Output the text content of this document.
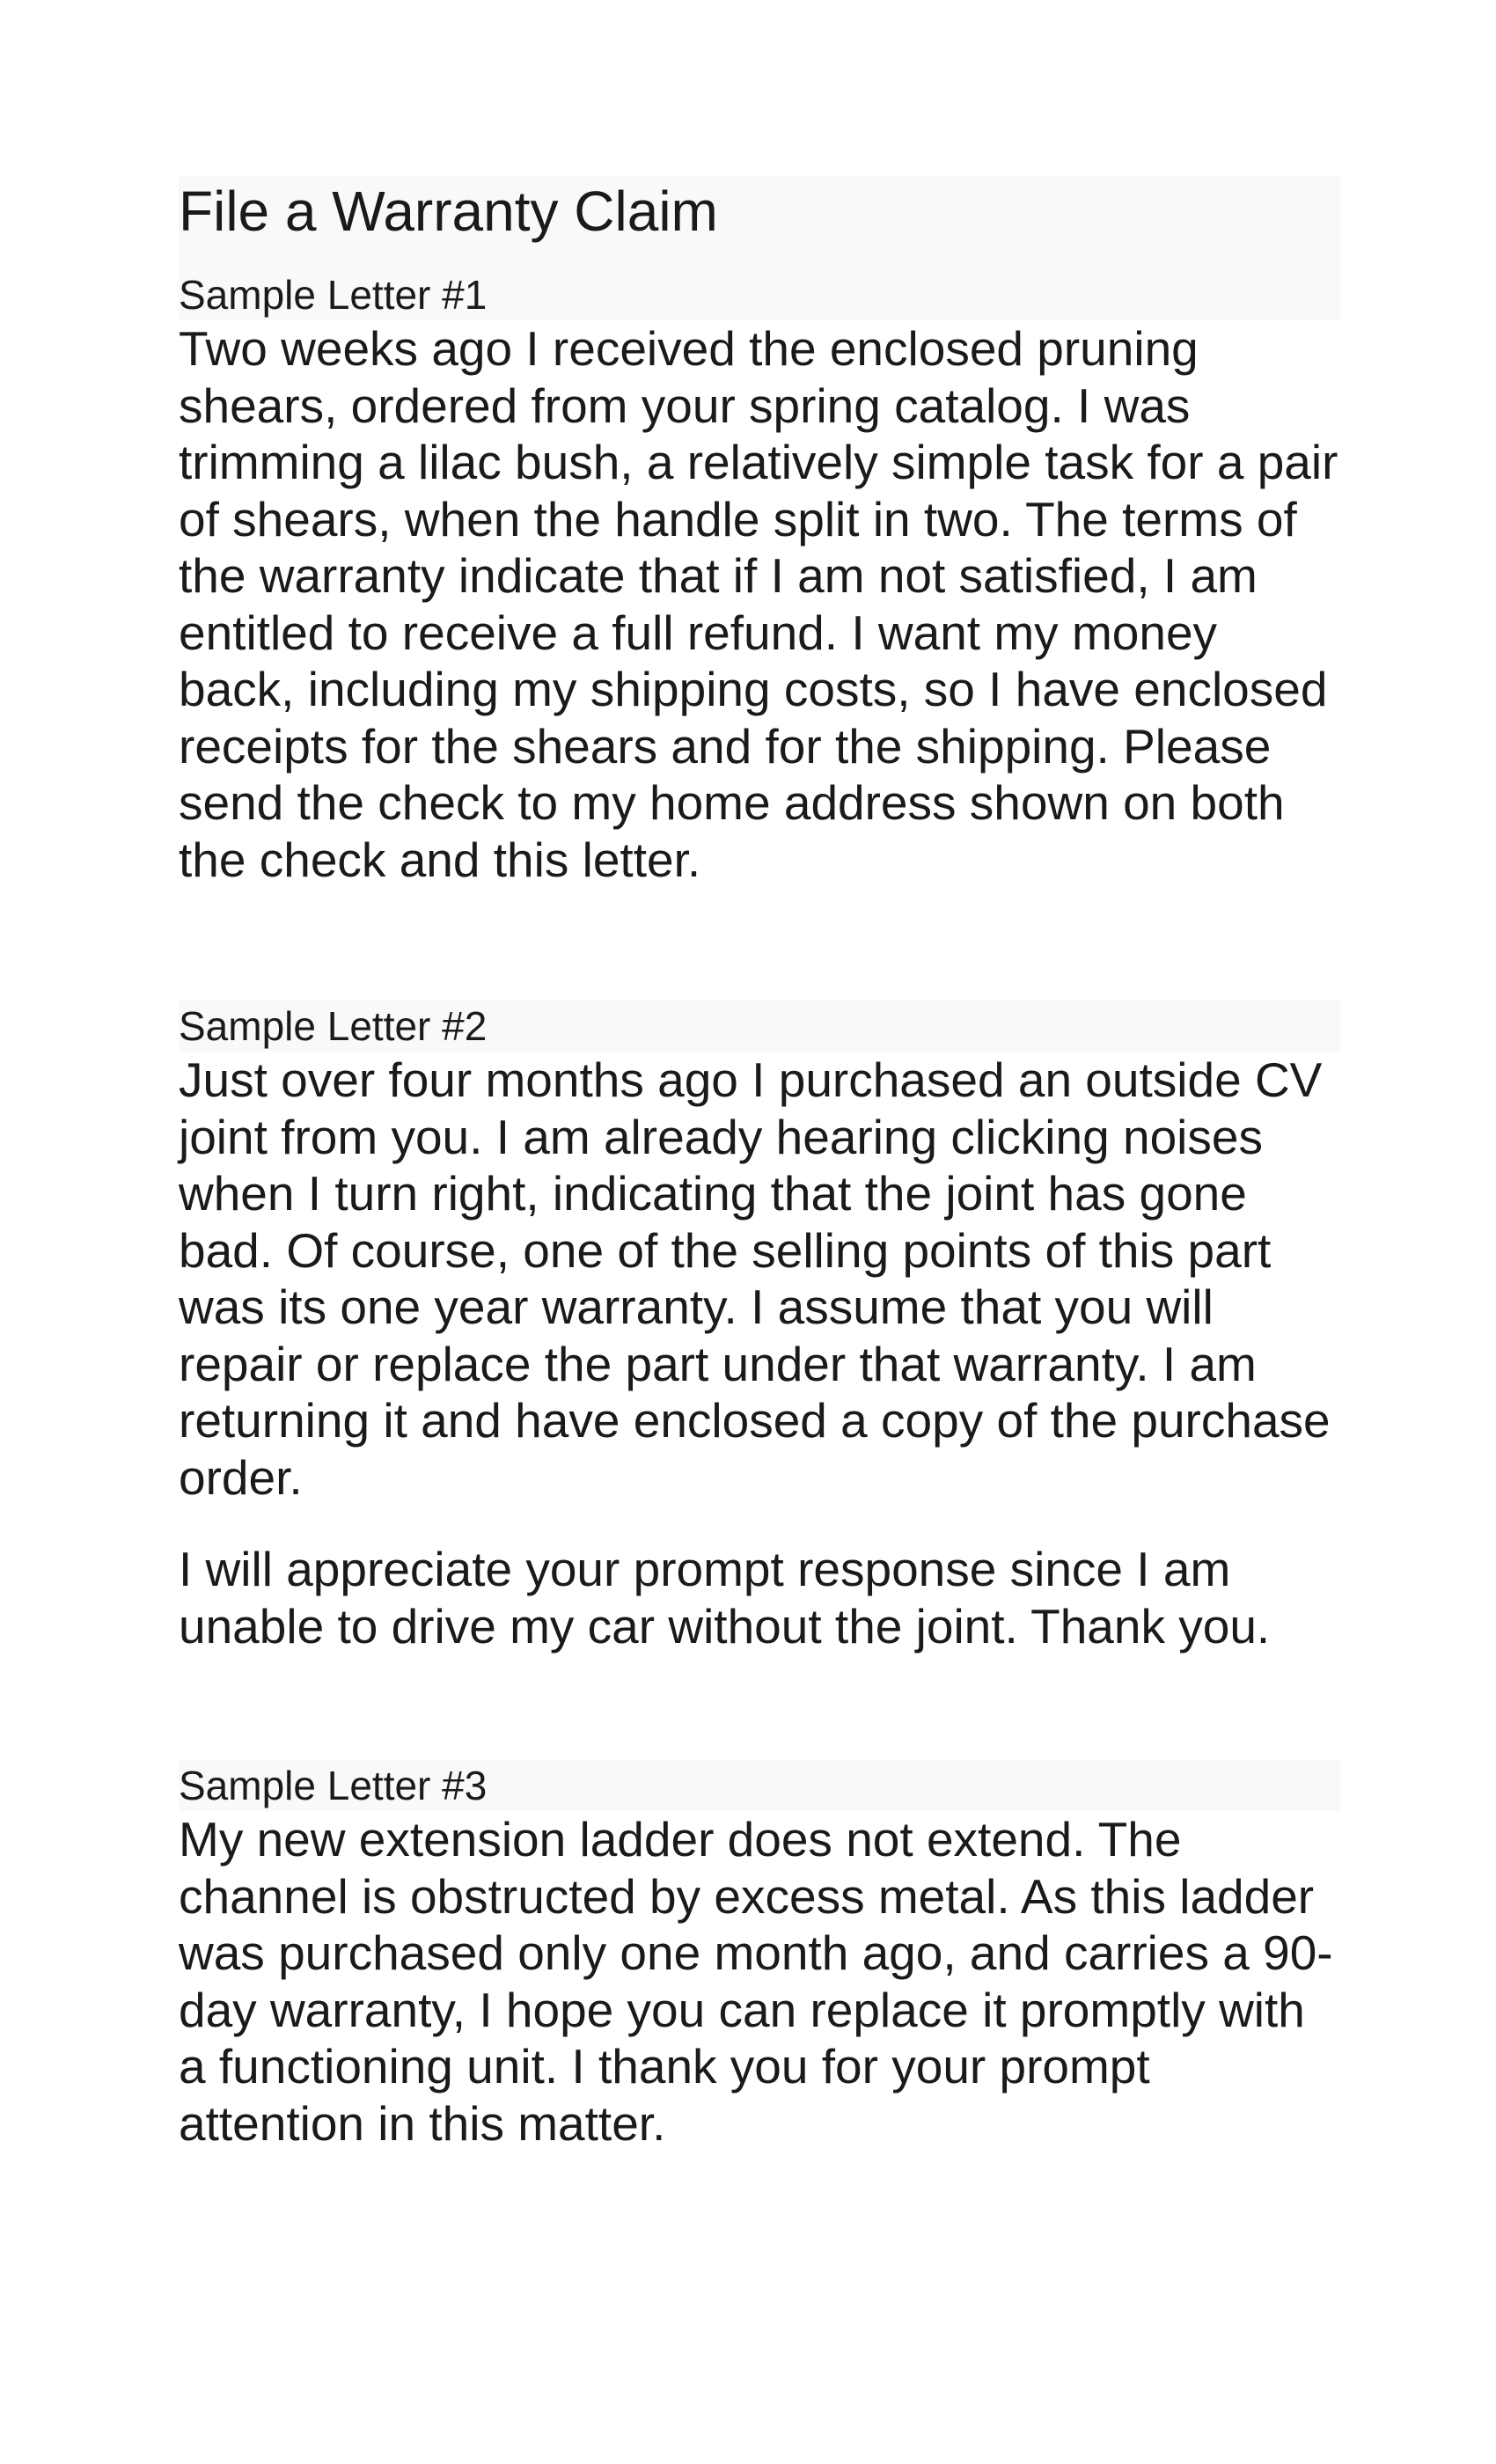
File a Warranty Claim
Sample Letter #1

Two weeks ago I received the enclosed pruning shears, ordered from your spring catalog. I was trimming a lilac bush, a relatively simple task for a pair of shears, when the handle split in two. The terms of the warranty indicate that if I am not satisfied, I am entitled to receive a full refund. I want my money back, including my shipping costs, so I have enclosed receipts for the shears and for the shipping. Please send the check to my home address shown on both the check and this letter.

Sample Letter #2

Just over four months ago I purchased an outside CV joint from you. I am already hearing clicking noises when I turn right, indicating that the joint has gone bad. Of course, one of the selling points of this part was its one year warranty. I assume that you will repair or replace the part under that warranty. I am returning it and have enclosed a copy of the purchase order.

I will appreciate your prompt response since I am unable to drive my car without the joint. Thank you.

Sample Letter #3

My new extension ladder does not extend. The channel is obstructed by excess metal. As this ladder was purchased only one month ago, and carries a 90-day warranty, I hope you can replace it promptly with a functioning unit. I thank you for your prompt attention in this matter.
